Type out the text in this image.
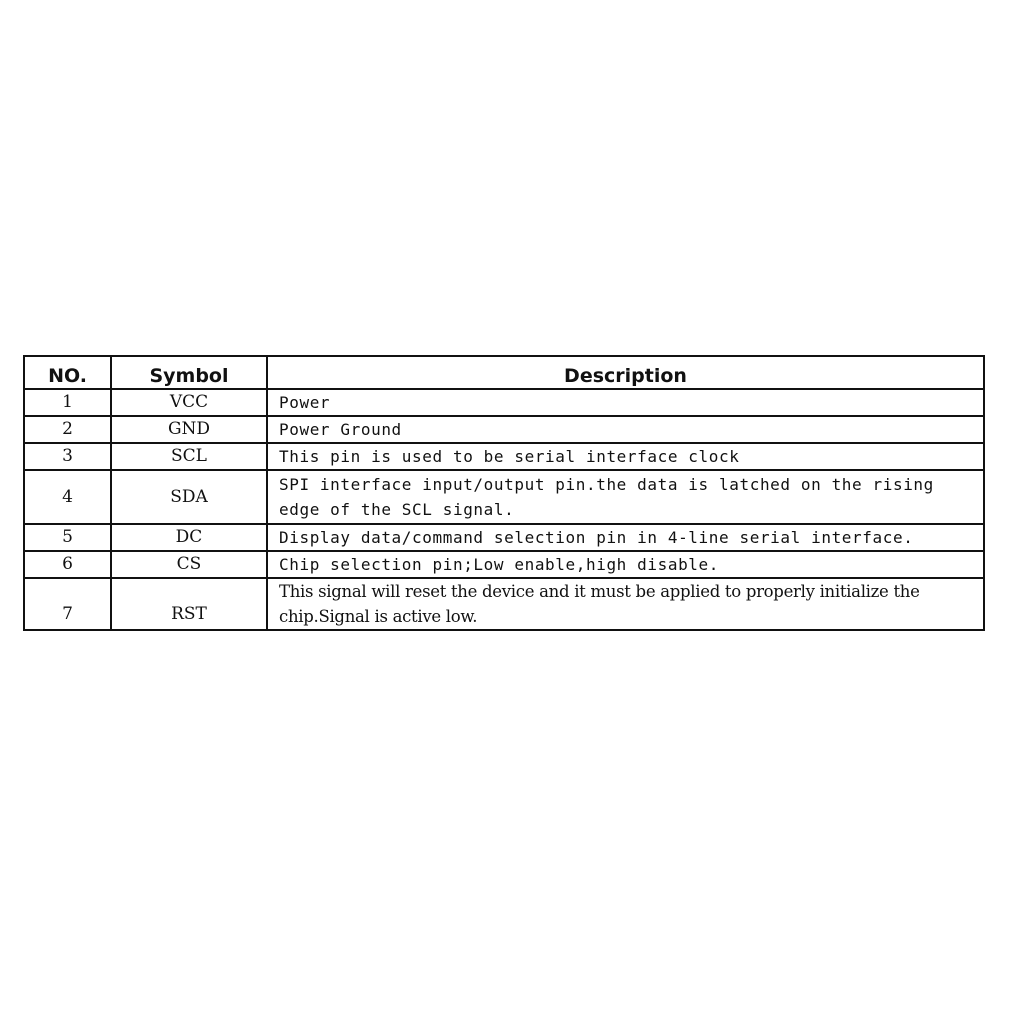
NO.	Symbol	Description
1	VCC	Power
2	GND	Power Ground
3	SCL	This pin is used to be serial interface clock
4	SDA	SPI interface input/output pin.the data is latched on the rising edge of the SCL signal.
5	DC	Display data/command selection pin in 4-line serial interface.
6	CS	Chip selection pin;Low enable,high disable.
7	RST	This signal will reset the device and it must be applied to properly initialize the chip.Signal is active low.
